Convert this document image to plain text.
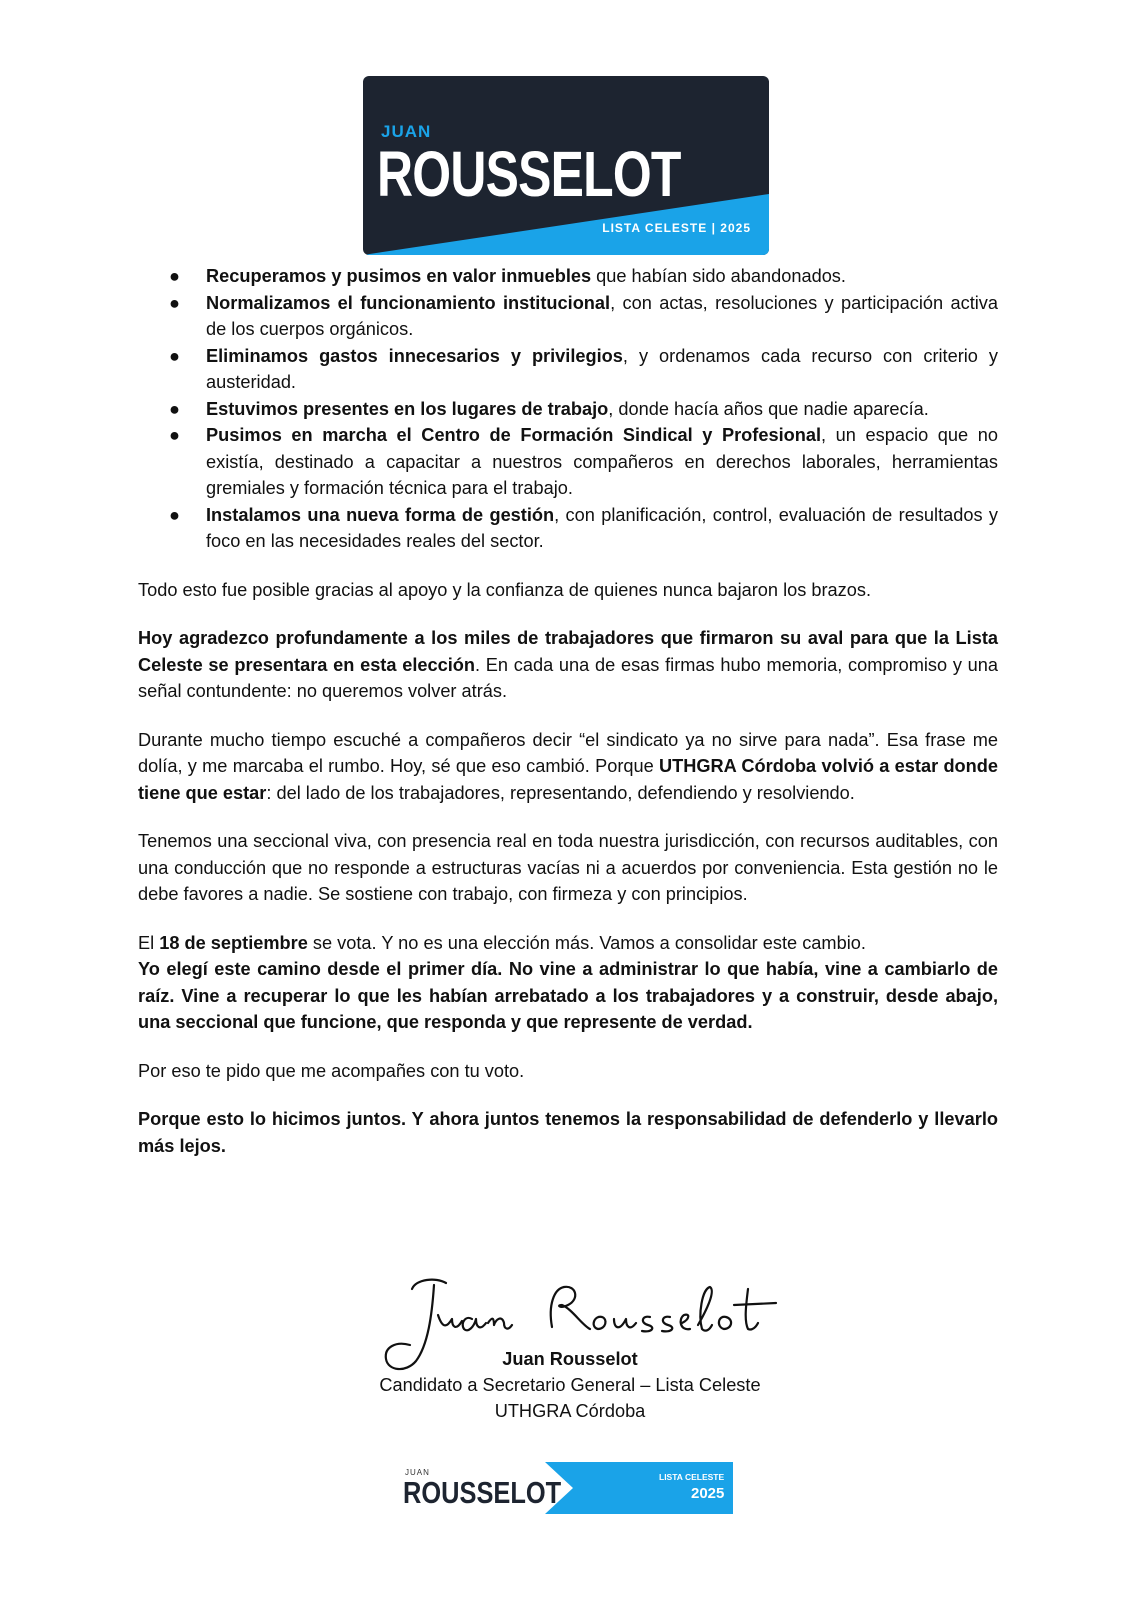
JUAN
ROUSSELOT
LISTA CELESTE | 2025
● Recuperamos y pusimos en valor inmuebles que habían sido abandonados.
● Normalizamos el funcionamiento institucional, con actas, resoluciones y participación activa de los cuerpos orgánicos.
● Eliminamos gastos innecesarios y privilegios, y ordenamos cada recurso con criterio y austeridad.
● Estuvimos presentes en los lugares de trabajo, donde hacía años que nadie aparecía.
● Pusimos en marcha el Centro de Formación Sindical y Profesional, un espacio que no existía, destinado a capacitar a nuestros compañeros en derechos laborales, herramientas gremiales y formación técnica para el trabajo.
● Instalamos una nueva forma de gestión, con planificación, control, evaluación de resultados y foco en las necesidades reales del sector.

Todo esto fue posible gracias al apoyo y la confianza de quienes nunca bajaron los brazos.

Hoy agradezco profundamente a los miles de trabajadores que firmaron su aval para que la Lista Celeste se presentara en esta elección. En cada una de esas firmas hubo memoria, compromiso y una señal contundente: no queremos volver atrás.

Durante mucho tiempo escuché a compañeros decir “el sindicato ya no sirve para nada”. Esa frase me dolía, y me marcaba el rumbo. Hoy, sé que eso cambió. Porque UTHGRA Córdoba volvió a estar donde tiene que estar: del lado de los trabajadores, representando, defendiendo y resolviendo.

Tenemos una seccional viva, con presencia real en toda nuestra jurisdicción, con recursos auditables, con una conducción que no responde a estructuras vacías ni a acuerdos por conveniencia. Esta gestión no le debe favores a nadie. Se sostiene con trabajo, con firmeza y con principios.

El 18 de septiembre se vota. Y no es una elección más. Vamos a consolidar este cambio.

Yo elegí este camino desde el primer día. No vine a administrar lo que había, vine a cambiarlo de raíz. Vine a recuperar lo que les habían arrebatado a los trabajadores y a construir, desde abajo, una seccional que funcione, que responda y que represente de verdad.

Por eso te pido que me acompañes con tu voto.

Porque esto lo hicimos juntos. Y ahora juntos tenemos la responsabilidad de defenderlo y llevarlo más lejos.

Juan Rousselot
Candidato a Secretario General – Lista Celeste
UTHGRA Córdoba
JUAN
ROUSSELOT	LISTA CELESTE
2025
